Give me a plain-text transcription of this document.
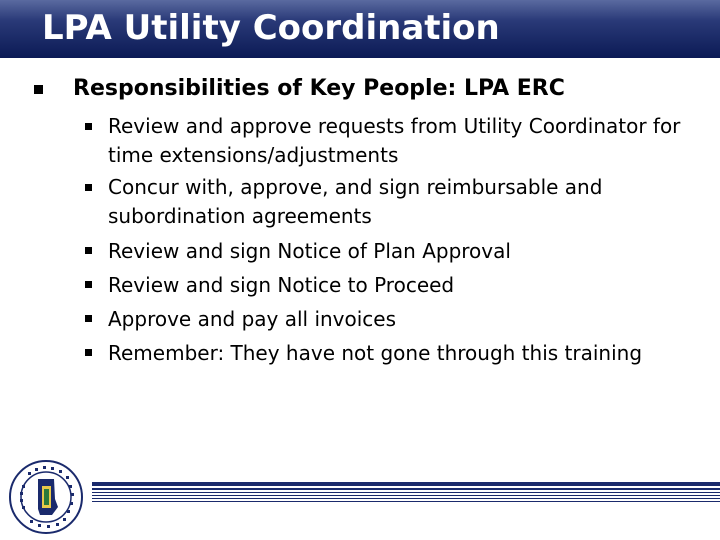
LPA Utility Coordination
Responsibilities of Key People: LPA ERC
Review and approve requests from Utility Coordinator for time extensions/adjustments
Concur with, approve, and sign reimbursable and subordination agreements
Review and sign Notice of Plan Approval
Review and sign Notice to Proceed
Approve and pay all invoices
Remember: They have not gone through this training
